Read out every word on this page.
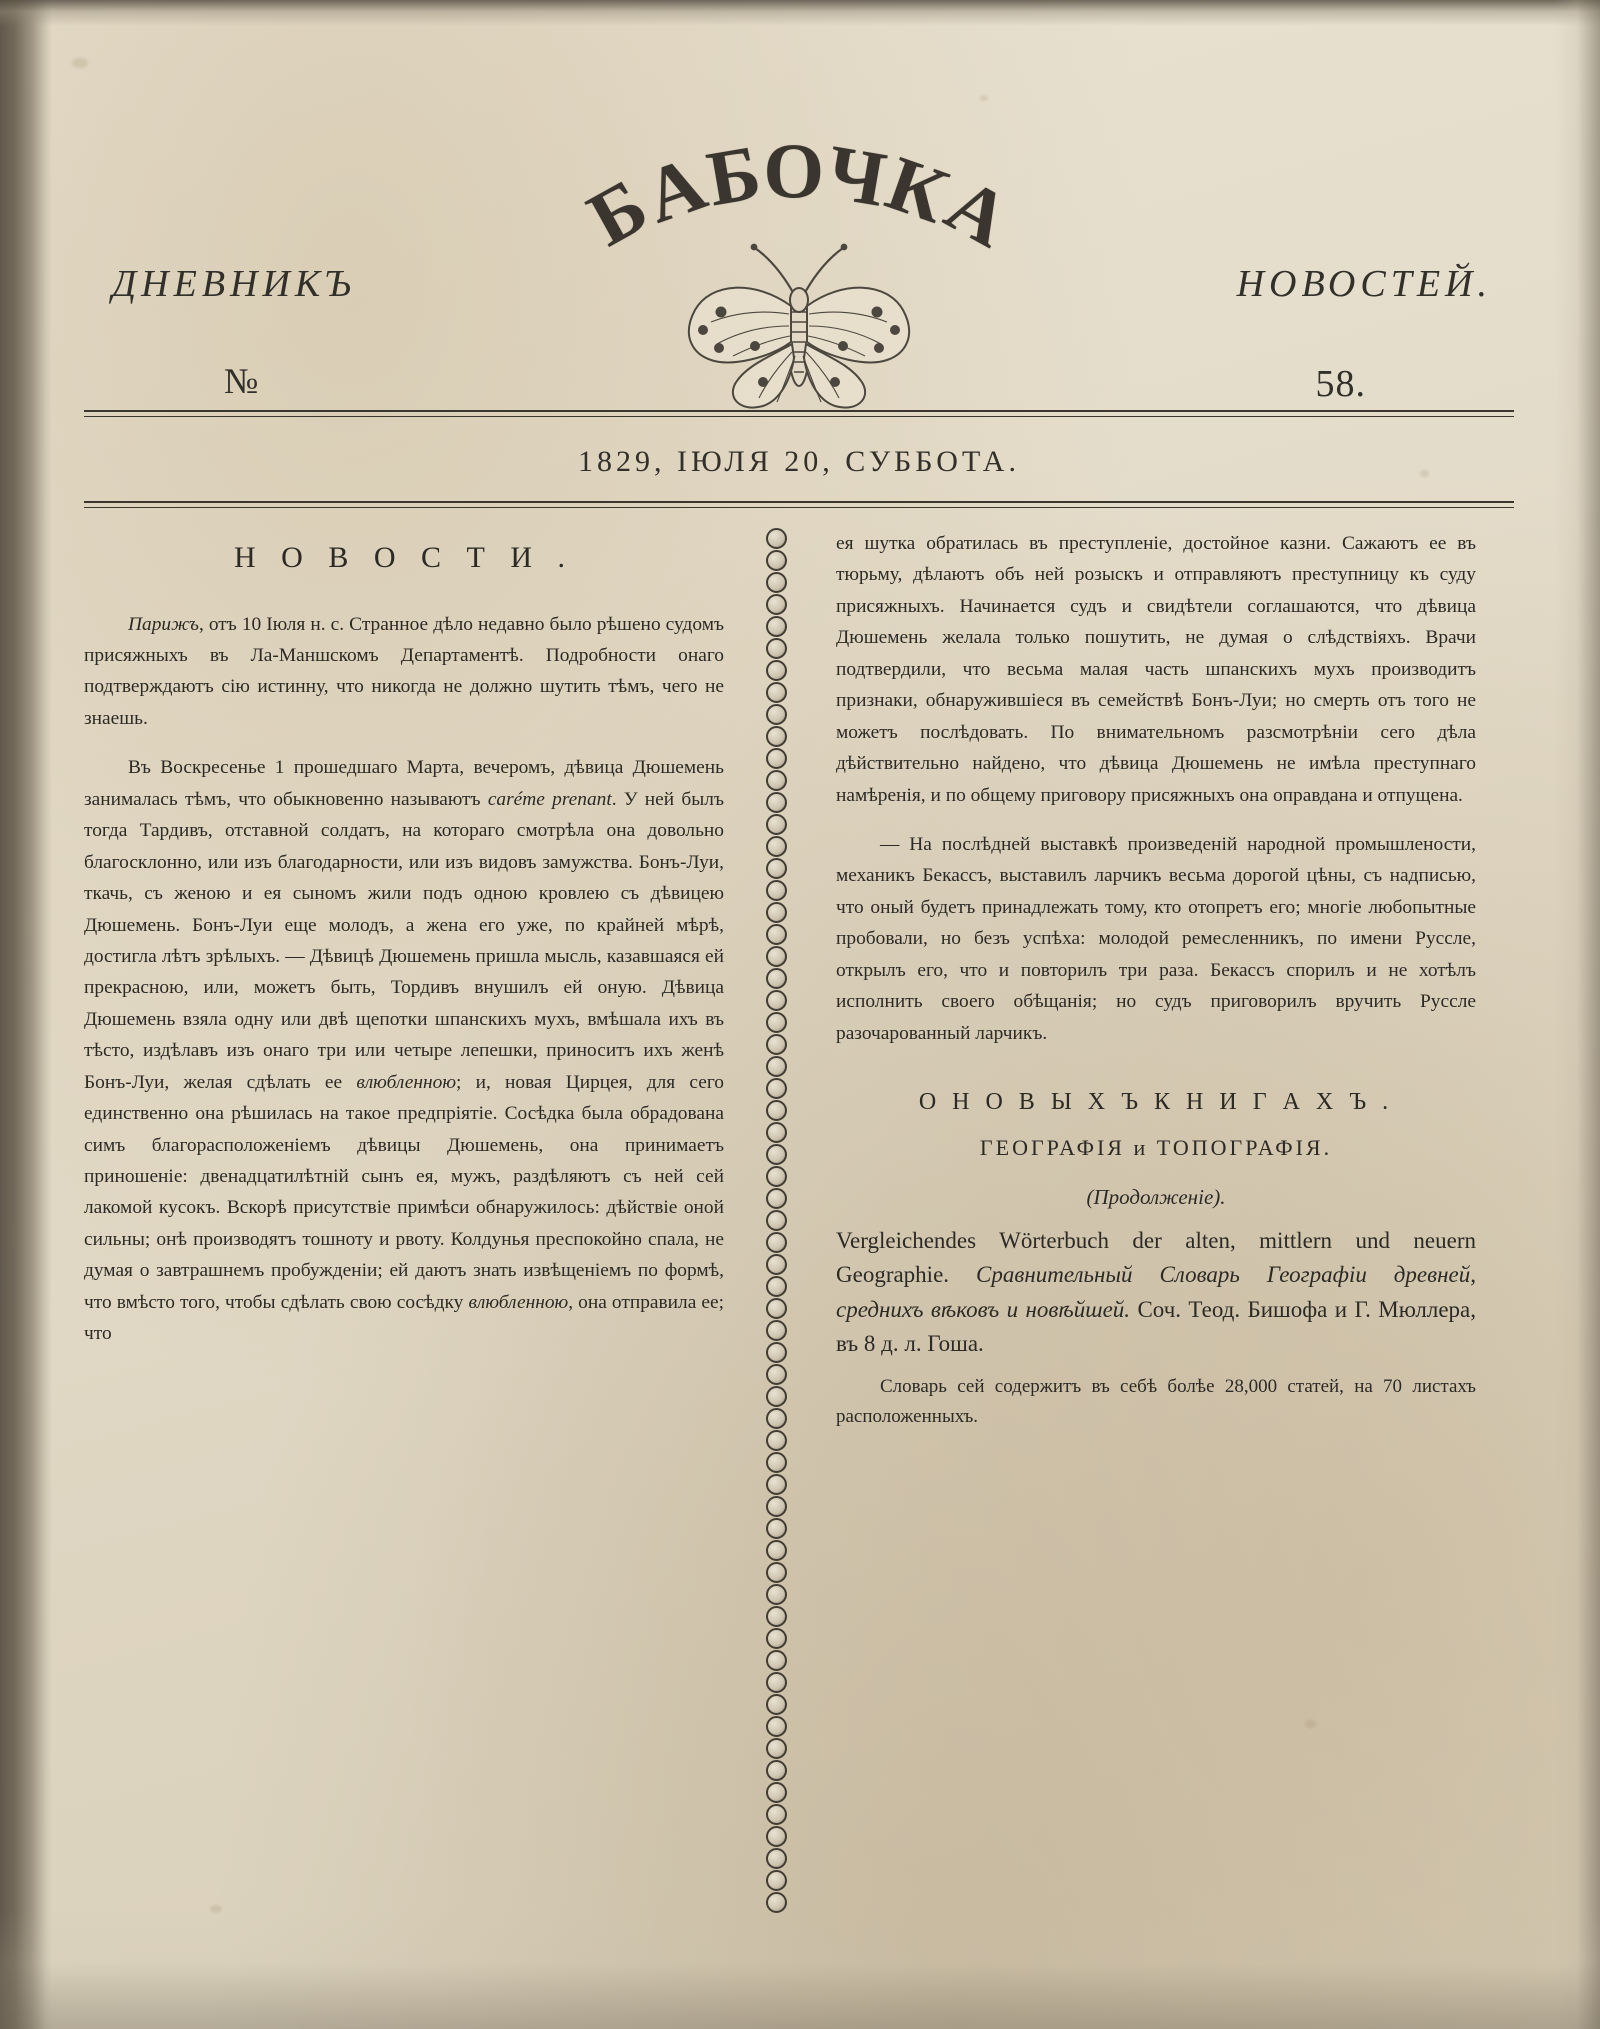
БАБОЧКА
ДНЕВНИКЪ	НОВОСТЕЙ.
№	58.
1829, ІЮЛЯ 20, СУББОТА.
Н О В О С Т И .

Парижъ, отъ 10 Іюля н. с. Странное дѣло недавно было рѣшено судомъ присяжныхъ въ Ла-Маншскомъ Департаментѣ. Подробности онаго подтверждаютъ сію истинну, что никогда не должно шутить тѣмъ, чего не знаешь.

Въ Воскресенье 1 прошедшаго Марта, вечеромъ, дѣвица Дюшемень занималась тѣмъ, что обыкновенно называютъ caréme prenant. У ней былъ тогда Тардивъ, отставной солдатъ, на котораго смотрѣла она довольно благосклонно, или изъ благодарности, или изъ видовъ замужства. Бонъ-Луи, ткачь, съ женою и ея сыномъ жили подъ одною кровлею съ дѣвицею Дюшемень. Бонъ-Луи еще молодъ, а жена его уже, по крайней мѣрѣ, достигла лѣтъ зрѣлыхъ. — Дѣвицѣ Дюшемень пришла мысль, казавшаяся ей прекрасною, или, можетъ быть, Тордивъ внушилъ ей оную. Дѣвица Дюшемень взяла одну или двѣ щепотки шпанскихъ мухъ, вмѣшала ихъ въ тѣсто, издѣлавъ изъ онаго три или четыре лепешки, приноситъ ихъ женѣ Бонъ-Луи, желая сдѣлать ее влюбленною; и, новая Цирцея, для сего единственно она рѣшилась на такое предпріятіе. Сосѣдка была обрадована симъ благорасположеніемъ дѣвицы Дюшемень, она принимаетъ приношеніе: двенадцатилѣтній сынъ ея, мужъ, раздѣляютъ съ ней сей лакомой кусокъ. Вскорѣ присутствіе примѣси обнаружилось: дѣйствіе оной сильны; онѣ производятъ тошноту и рвоту. Колдунья преспокойно спала, не думая о завтрашнемъ пробужденіи; ей даютъ знать извѣщеніемъ по формѣ, что вмѣсто того, чтобы сдѣлать свою сосѣдку влюбленною, она отправила ее; что

ея шутка обратилась въ преступленіе, достойное казни. Сажаютъ ее въ тюрьму, дѣлаютъ объ ней розыскъ и отправляютъ преступницу къ суду присяжныхъ. Начинается судъ и свидѣтели соглашаются, что дѣвица Дюшемень желала только пошутить, не думая о слѣдствіяхъ. Врачи подтвердили, что весьма малая часть шпанскихъ мухъ производитъ признаки, обнаружившіеся въ семействѣ Бонъ-Луи; но смерть отъ того не можетъ послѣдовать. По внимательномъ разсмотрѣніи сего дѣла дѣйствительно найдено, что дѣвица Дюшемень не имѣла преступнаго намѣренія, и по общему приговору присяжныхъ она оправдана и отпущена.

— На послѣдней выставкѣ произведеній народной промышлености, механикъ Бекассъ, выставилъ ларчикъ весьма дорогой цѣны, съ надписью, что оный будетъ принадлежать тому, кто отопретъ его; многіе любопытные пробовали, но безъ успѣха: молодой ремесленникъ, по имени Руссле, открылъ его, что и повторилъ три раза. Бекассъ спорилъ и не хотѣлъ исполнить своего обѣщанія; но судъ приговорилъ вручить Руссле разочарованный ларчикъ.

О Н О В Ы Х Ъ К Н И Г А Х Ъ .
ГЕОГРАФІЯ и ТОПОГРАФІЯ.
(Продолженіе).

Vergleichendes Wörterbuch der alten, mittlern und neuern Geographie. Сравнительный Словарь Географіи древней, среднихъ вѣковъ и новѣйшей. Соч. Теод. Бишофа и Г. Мюллера, въ 8 д. л. Гоша.

Словарь сей содержитъ въ себѣ болѣе 28,000 статей, на 70 листахъ расположенныхъ.
